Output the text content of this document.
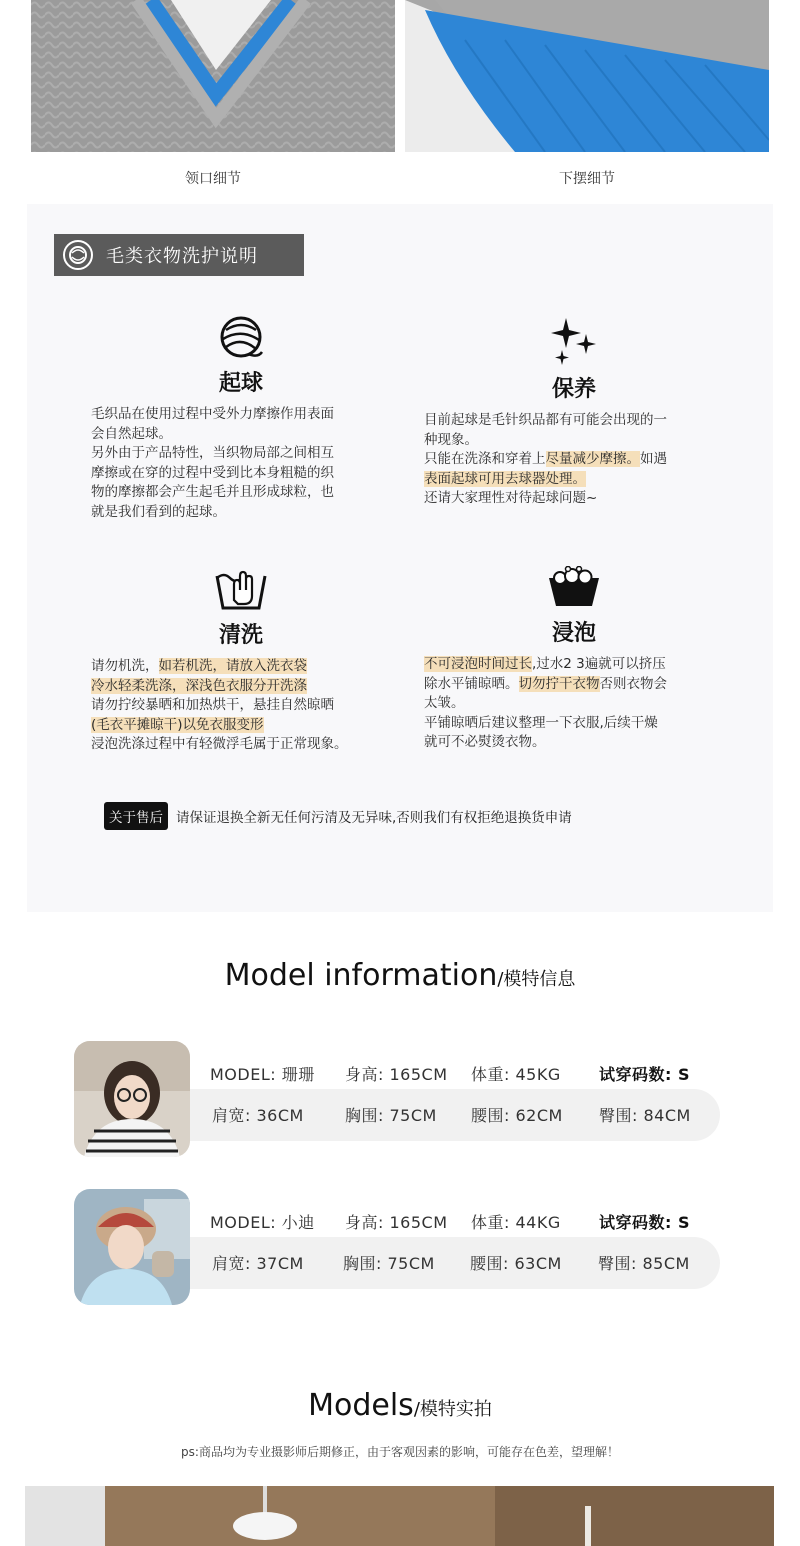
领口细节	下摆细节
毛类衣物洗护说明
起球
毛织品在使用过程中受外力摩擦作用表面
会自然起球。
另外由于产品特性，当织物局部之间相互
摩擦或在穿的过程中受到比本身粗糙的织
物的摩擦都会产生起毛并且形成球粒，也
就是我们看到的起球。
保养
目前起球是毛针织品都有可能会出现的一
种现象。
只能在洗涤和穿着上尽量减少摩擦。如遇
表面起球可用去球器处理。
还请大家理性对待起球问题~
清洗
请勿机洗，如若机洗，请放入洗衣袋
冷水轻柔洗涤，深浅色衣服分开洗涤
请勿拧绞暴晒和加热烘干，悬挂自然晾晒
(毛衣平摊晾干)以免衣服变形
浸泡洗涤过程中有轻微浮毛属于正常现象。
浸泡
不可浸泡时间过长,过水2 3遍就可以挤压
除水平铺晾晒。切勿拧干衣物否则衣物会
太皱。
平铺晾晒后建议整理一下衣服,后续干燥
就可不必熨烫衣物。
关于售后 请保证退换全新无任何污清及无异味,否则我们有权拒绝退换货申请
Model information/模特信息
MODEL: 珊珊 身高: 165CM 体重: 45KG 试穿码数: S
肩宽: 36CM	胸围: 75CM 腰围: 62CM 臀围: 84CM
MODEL: 小迪 身高: 165CM 体重: 44KG 试穿码数: S
肩宽: 37CM 胸围: 75CM 腰围: 63CM 臀围: 85CM
Models/模特实拍
ps:商品均为专业摄影师后期修正，由于客观因素的影响，可能存在色差，望理解！
